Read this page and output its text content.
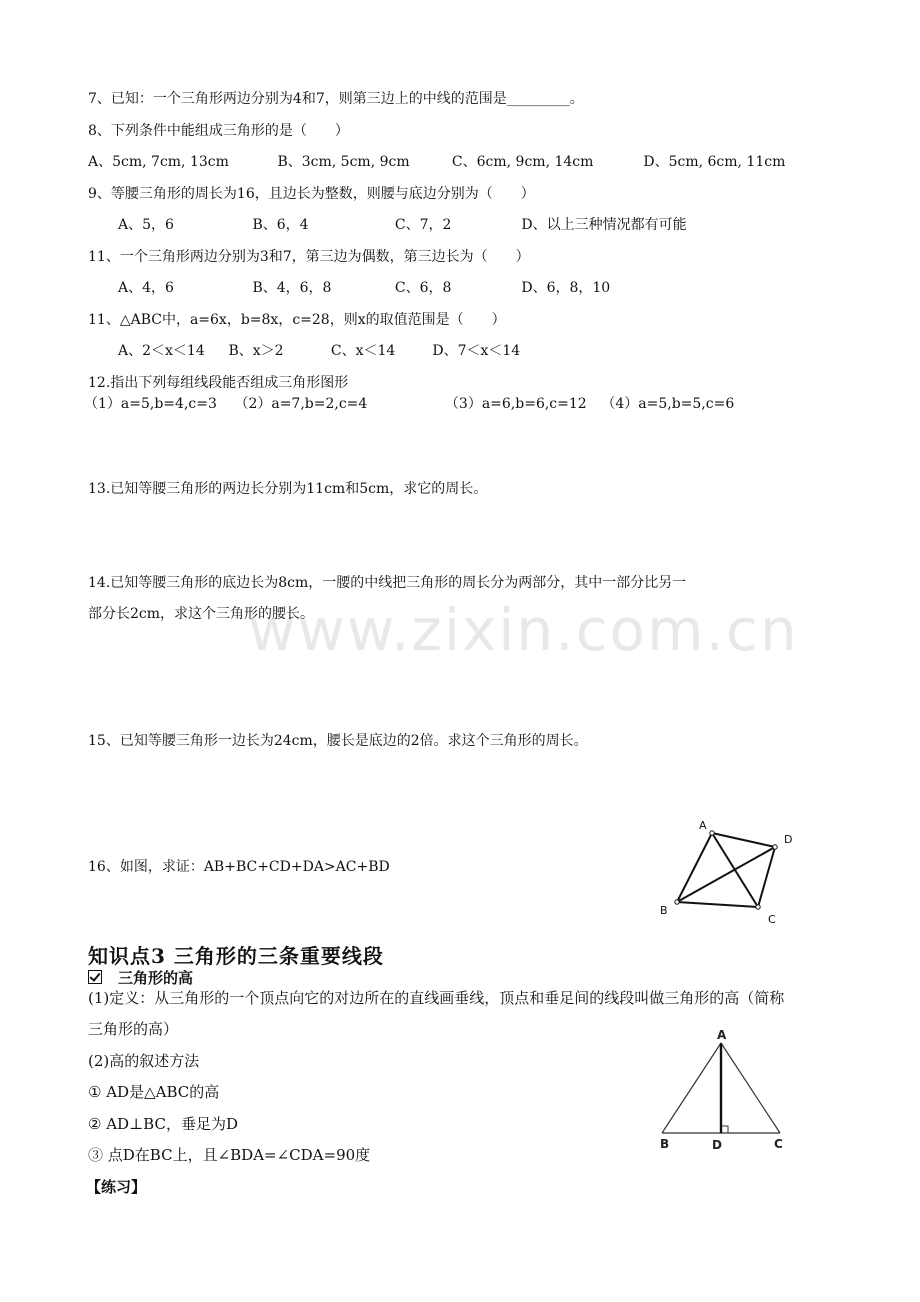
www.zixin.com.cn
7、已知：一个三角形两边分别为4和7，则第三边上的中线的范围是_________。
8、下列条件中能组成三角形的是（　　）
A、5cm, 7cm, 13cm	B、3cm, 5cm, 9cm	C、6cm, 9cm, 14cm	D、5cm, 6cm, 11cm
9、等腰三角形的周长为16，且边长为整数，则腰与底边分别为（　　）
A、5，6	B、6，4	C、7，2	D、以上三种情况都有可能
11、一个三角形两边分别为3和7，第三边为偶数，第三边长为（　　）
A、4，6	B、4，6，8	C、6，8	D、6，8，10
11、△ABC中，a=6x，b=8x，c=28，则x的取值范围是（　　）
A、2＜x＜14 B、x＞2	C、x＜14	D、7＜x＜14
12.指出下列每组线段能否组成三角形图形
（1）a=5,b=4,c=3 （2）a=7,b=2,c=4	（3）a=6,b=6,c=12 （4）a=5,b=5,c=6
13.已知等腰三角形的两边长分别为11cm和5cm，求它的周长。
14.已知等腰三角形的底边长为8cm，一腰的中线把三角形的周长分为两部分，其中一部分比另一
部分长2cm，求这个三角形的腰长。
15、已知等腰三角形一边长为24cm，腰长是底边的2倍。求这个三角形的周长。
16、如图，求证：AB+BC+CD+DA>AC+BD
A
D
C
B
知识点3 三角形的三条重要线段
三角形的高
(1)定义：从三角形的一个顶点向它的对边所在的直线画垂线，顶点和垂足间的线段叫做三角形的高（简称
三角形的高）
(2)高的叙述方法
① AD是△ABC的高
② AD⊥BC，垂足为D
③ 点D在BC上，且∠BDA=∠CDA=90度
【练习】
A
B	D	C
